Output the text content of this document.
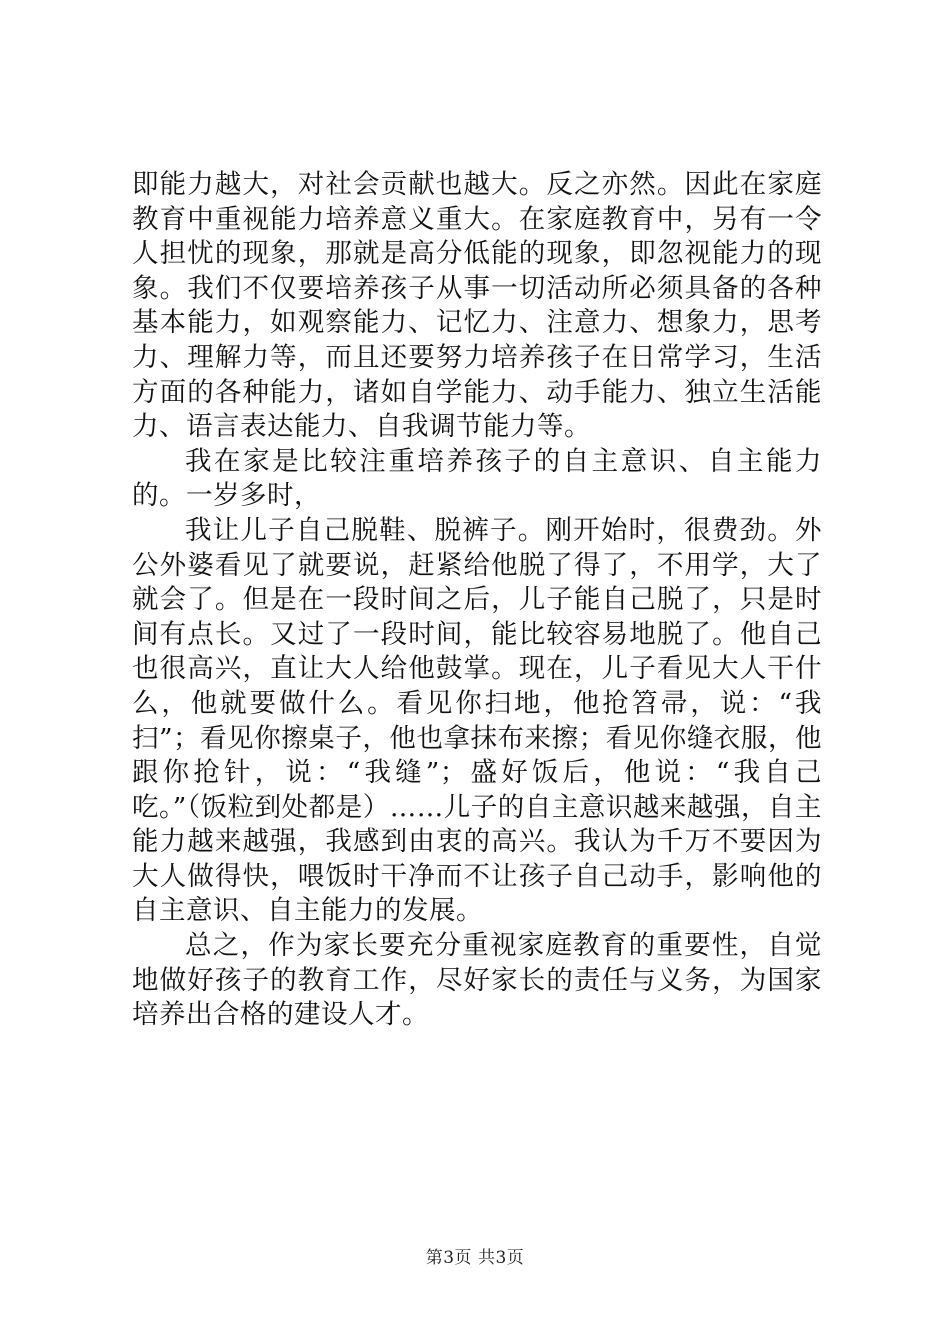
即能力越大，对社会贡献也越大。反之亦然。因此在家庭教育中重视能力培养意义重大。在家庭教育中，另有一令人担忧的现象，那就是高分低能的现象，即忽视能力的现象。我们不仅要培养孩子从事一切活动所必须具备的各种基本能力，如观察能力、记忆力、注意力、想象力，思考力、理解力等，而且还要努力培养孩子在日常学习，生活方面的各种能力，诸如自学能力、动手能力、独立生活能力、语言表达能力、自我调节能力等。

我在家是比较注重培养孩子的自主意识、自主能力的。一岁多时，

我让儿子自己脱鞋、脱裤子。刚开始时，很费劲。外公外婆看见了就要说，赶紧给他脱了得了，不用学，大了就会了。但是在一段时间之后，儿子能自己脱了，只是时间有点长。又过了一段时间，能比较容易地脱了。他自己也很高兴，直让大人给他鼓掌。现在，儿子看见大人干什么，他就要做什么。看见你扫地，他抢笤帚，说：“我扫”；看见你擦桌子，他也拿抹布来擦；看见你缝衣服，他跟你抢针，说：“我缝”；盛好饭后，他说：“我自己吃。”（饭粒到处都是）……儿子的自主意识越来越强，自主能力越来越强，我感到由衷的高兴。我认为千万不要因为大人做得快，喂饭时干净而不让孩子自己动手，影响他的自主意识、自主能力的发展。

总之，作为家长要充分重视家庭教育的重要性，自觉地做好孩子的教育工作，尽好家长的责任与义务，为国家培养出合格的建设人才。

第3页 共3页
